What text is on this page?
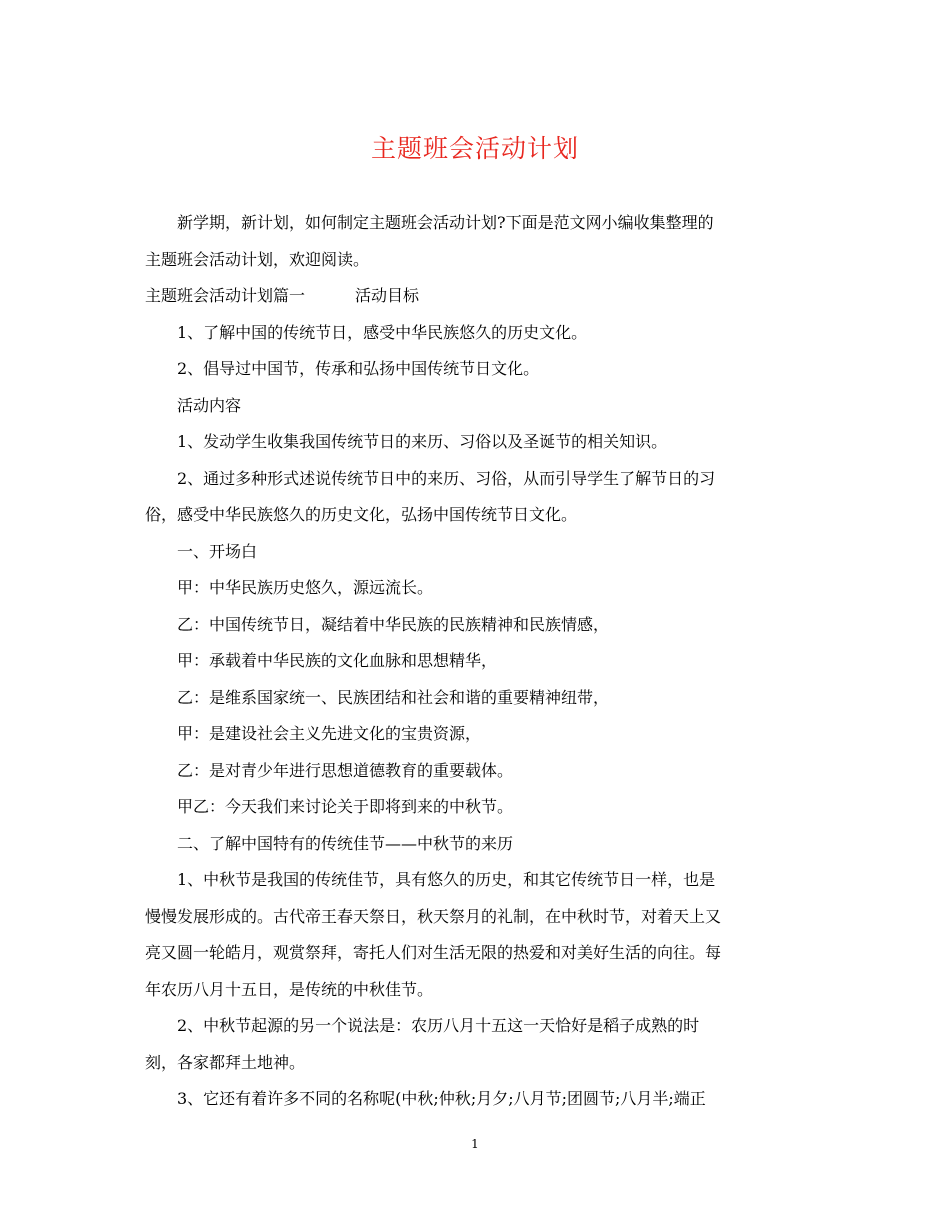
主题班会活动计划

新学期，新计划，如何制定主题班会活动计划?下面是范文网小编收集整理的

主题班会活动计划，欢迎阅读。

主题班会活动计划篇一	活动目标

1、了解中国的传统节日，感受中华民族悠久的历史文化。

2、倡导过中国节，传承和弘扬中国传统节日文化。

活动内容

1、发动学生收集我国传统节日的来历、习俗以及圣诞节的相关知识。

2、通过多种形式述说传统节日中的来历、习俗，从而引导学生了解节日的习

俗，感受中华民族悠久的历史文化，弘扬中国传统节日文化。

一、开场白

甲：中华民族历史悠久，源远流长。

乙：中国传统节日，凝结着中华民族的民族精神和民族情感，

甲：承载着中华民族的文化血脉和思想精华，

乙：是维系国家统一、民族团结和社会和谐的重要精神纽带，

甲：是建设社会主义先进文化的宝贵资源，

乙：是对青少年进行思想道德教育的重要载体。

甲乙：今天我们来讨论关于即将到来的中秋节。

二、了解中国特有的传统佳节——中秋节的来历

1、中秋节是我国的传统佳节，具有悠久的历史，和其它传统节日一样，也是

慢慢发展形成的。古代帝王春天祭日，秋天祭月的礼制，在中秋时节，对着天上又

亮又圆一轮皓月，观赏祭拜，寄托人们对生活无限的热爱和对美好生活的向往。每

年农历八月十五日，是传统的中秋佳节。

2、中秋节起源的另一个说法是：农历八月十五这一天恰好是稻子成熟的时

刻，各家都拜土地神。

3、它还有着许多不同的名称呢(中秋;仲秋;月夕;八月节;团圆节;八月半;端正

1
